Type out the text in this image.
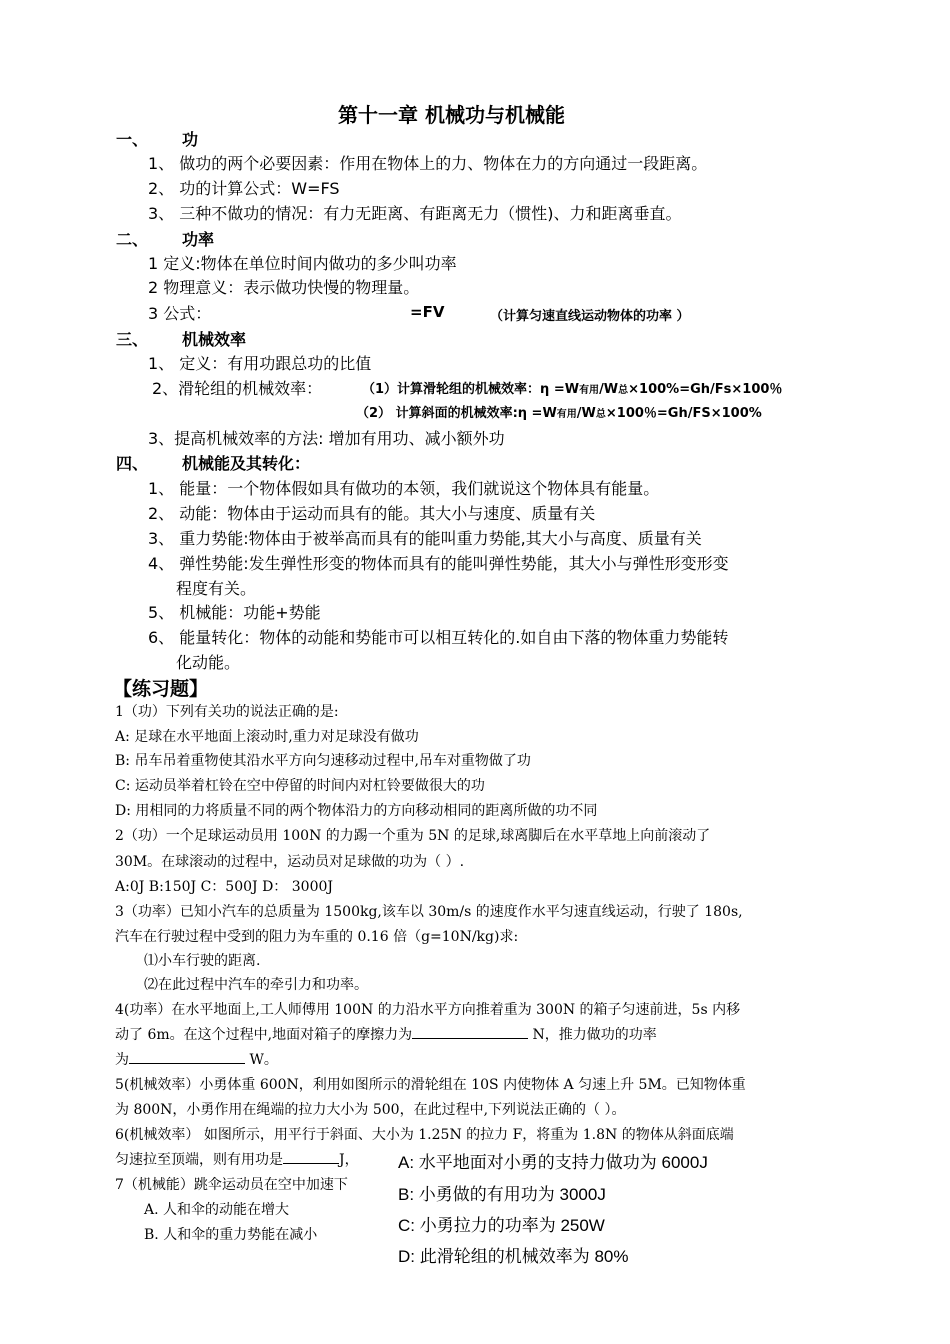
第十一章 机械功与机械能
一、 功
1、 做功的两个必要因素：作用在物体上的力、物体在力的方向通过一段距离。
2、 功的计算公式：W=FS
3、 三种不做功的情况：有力无距离、有距离无力（惯性)、力和距离垂直。
二、 功率
1 定义:物体在单位时间内做功的多少叫功率
2 物理意义：表示做功快慢的物理量。
3 公式：	=FV	（计算匀速直线运动物体的功率 ）
三、 机械效率
1、 定义：有用功跟总功的比值
2、滑轮组的机械效率：	（1）计算滑轮组的机械效率：η =W有用/W总×100%=Gh/Fs×100％
（2） 计算斜面的机械效率:η =W有用/W总×100％=Gh/FS×100%
3、提高机械效率的方法: 增加有用功、减小额外功
四、 机械能及其转化：
1、 能量：一个物体假如具有做功的本领，我们就说这个物体具有能量。
2、 动能：物体由于运动而具有的能。其大小与速度、质量有关
3、 重力势能:物体由于被举高而具有的能叫重力势能,其大小与高度、质量有关
4、 弹性势能:发生弹性形变的物体而具有的能叫弹性势能，其大小与弹性形变形变
程度有关。
5、 机械能：功能+势能
6、 能量转化：物体的动能和势能市可以相互转化的.如自由下落的物体重力势能转
化动能。
【练习题】
1（功）下列有关功的说法正确的是:
A: 足球在水平地面上滚动时,重力对足球没有做功
B: 吊车吊着重物使其沿水平方向匀速移动过程中,吊车对重物做了功
C: 运动员举着杠铃在空中停留的时间内对杠铃要做很大的功
D: 用相同的力将质量不同的两个物体沿力的方向移动相同的距离所做的功不同
2（功）一个足球运动员用 100N 的力踢一个重为 5N 的足球,球离脚后在水平草地上向前滚动了
30M。在球滚动的过程中，运动员对足球做的功为（ ）.
A:0J B:150J C：500J D： 3000J
3（功率）已知小汽车的总质量为 1500kg,该车以 30m/s 的速度作水平匀速直线运动，行驶了 180s,
汽车在行驶过程中受到的阻力为车重的 0.16 倍（g=10N/kg)求:
⑴小车行驶的距离.
⑵在此过程中汽车的牵引力和功率。
4(功率）在水平地面上,工人师傅用 100N 的力沿水平方向推着重为 300N 的箱子匀速前进，5s 内移
动了 6m。在这个过程中,地面对箱子的摩擦力为	N，推力做功的功率
为	W。
5(机械效率）小勇体重 600N，利用如图所示的滑轮组在 10S 内使物体 A 匀速上升 5M。已知物体重
为 800N，小勇作用在绳端的拉力大小为 500，在此过程中,下列说法正确的（ ）。
6(机械效率） 如图所示，用平行于斜面、大小为 1.25N 的拉力 F，将重为 1.8N 的物体从斜面底端
匀速拉至顶端，则有用功是	J，
7（机械能）跳伞运动员在空中加速下
A. 人和伞的动能在增大
B. 人和伞的重力势能在减小
A: 水平地面对小勇的支持力做功为 6000J
B: 小勇做的有用功为 3000J
C: 小勇拉力的功率为 250W
D: 此滑轮组的机械效率为 80%
